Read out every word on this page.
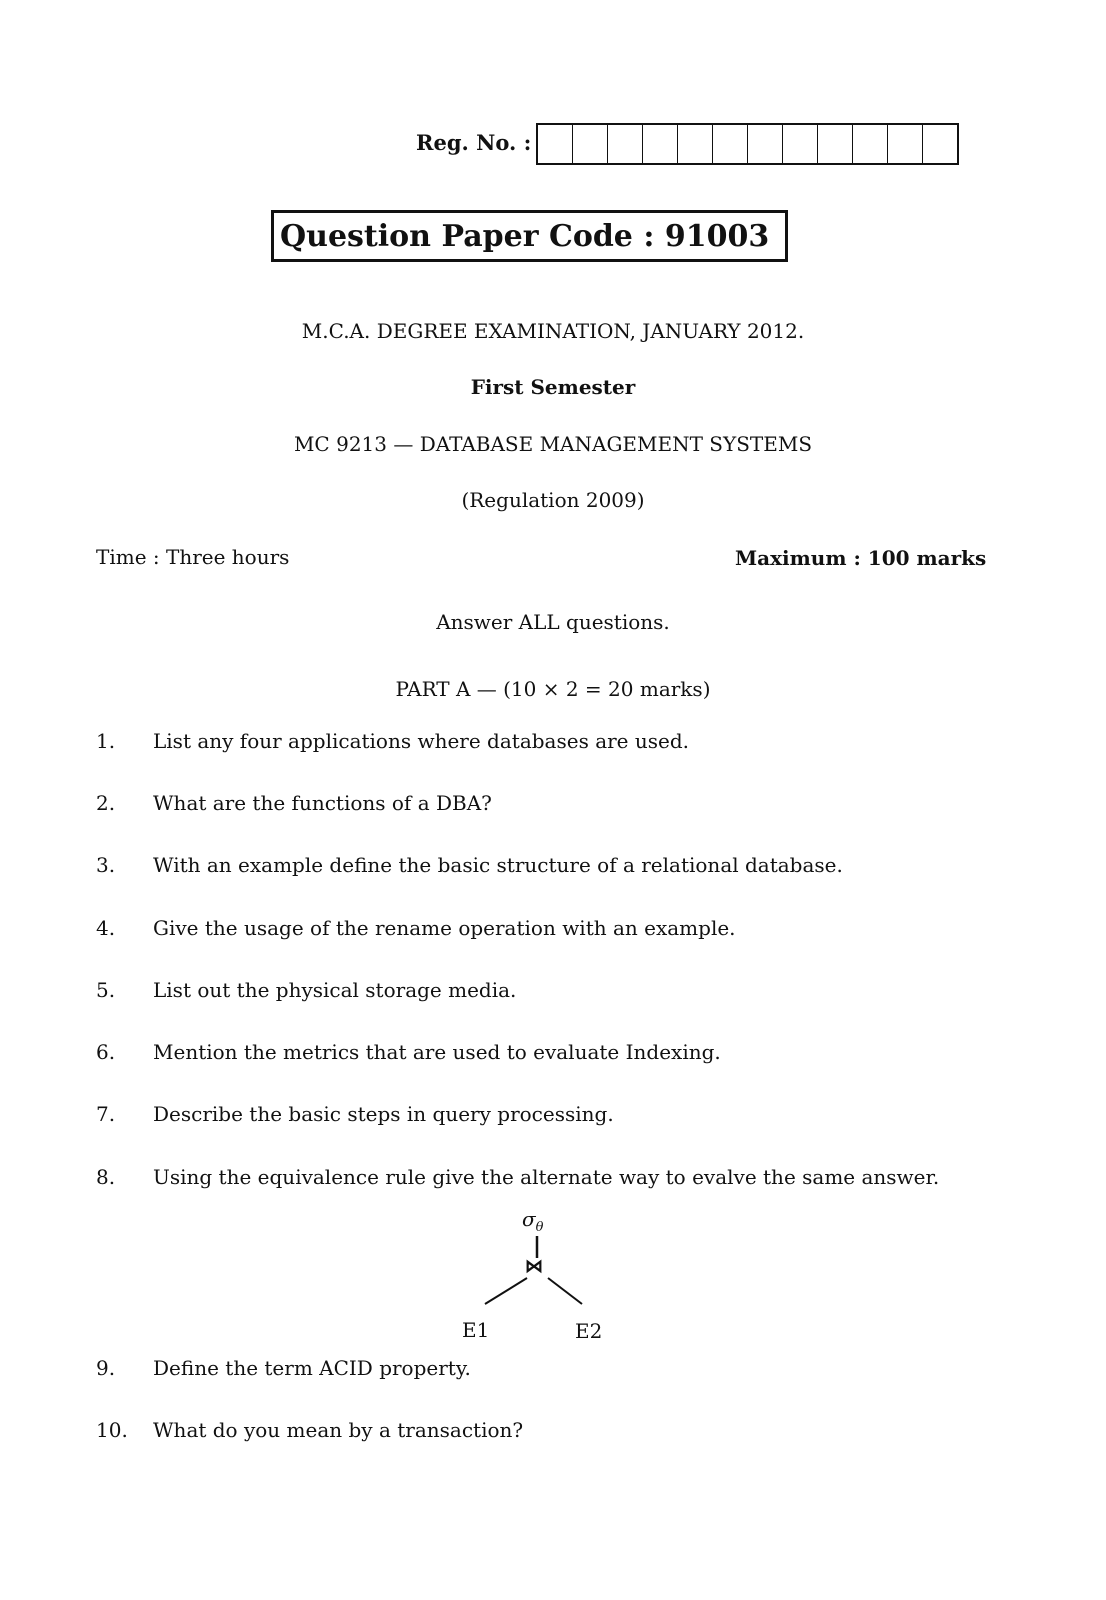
Reg. No. :
Question Paper Code : 91003
M.C.A. DEGREE EXAMINATION, JANUARY 2012.
First Semester
MC 9213 — DATABASE MANAGEMENT SYSTEMS
(Regulation 2009)
Time : Three hours	Maximum : 100 marks
Answer ALL questions.
PART A — (10 × 2 = 20 marks)
1. List any four applications where databases are used.
2. What are the functions of a DBA?
3. With an example define the basic structure of a relational database.
4. Give the usage of the rename operation with an example.
5. List out the physical storage media.
6. Mention the metrics that are used to evaluate Indexing.
7. Describe the basic steps in query processing.
8. Using the equivalence rule give the alternate way to evalve the same answer.
9. Define the term ACID property.
10. What do you mean by a transaction?
$\sigma_\theta$
⋈
E1	E2
